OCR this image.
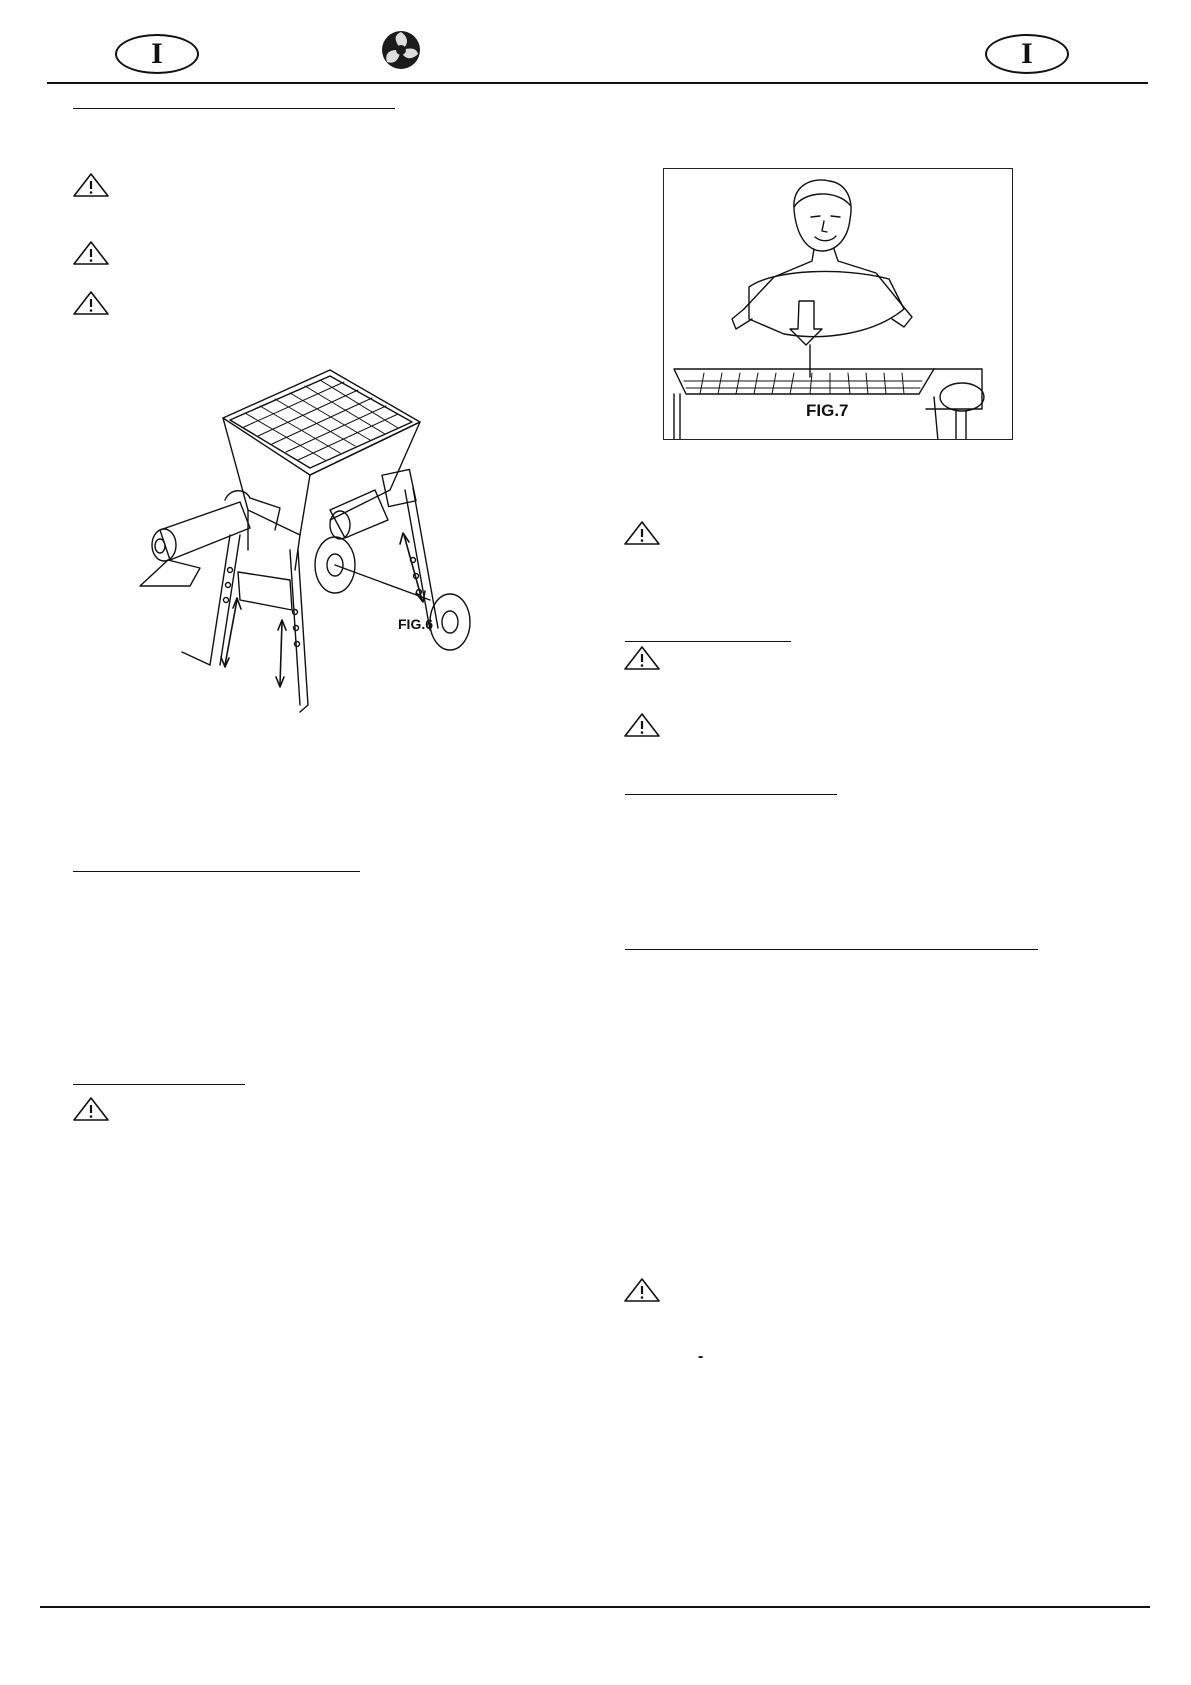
I	I
FIG.6
FIG.7
-
